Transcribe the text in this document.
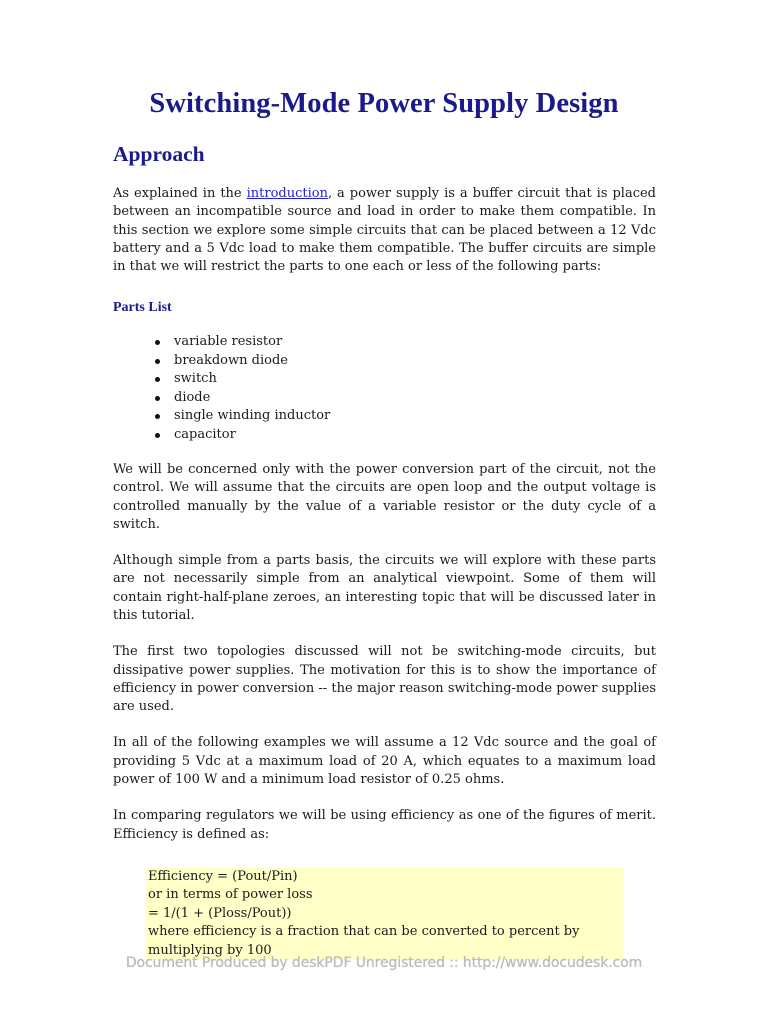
Switching-Mode Power Supply Design
Approach

As explained in the introduction, a power supply is a buffer circuit that is placed between an incompatible source and load in order to make them compatible. In this section we explore some simple circuits that can be placed between a 12 Vdc battery and a 5 Vdc load to make them compatible. The buffer circuits are simple in that we will restrict the parts to one each or less of the following parts:

Parts List
variable resistor
breakdown diode
switch
diode
single winding inductor
capacitor

We will be concerned only with the power conversion part of the circuit, not the control. We will assume that the circuits are open loop and the output voltage is controlled manually by the value of a variable resistor or the duty cycle of a switch.

Although simple from a parts basis, the circuits we will explore with these parts are not necessarily simple from an analytical viewpoint. Some of them will contain right-half-plane zeroes, an interesting topic that will be discussed later in this tutorial.

The first two topologies discussed will not be switching-mode circuits, but dissipative power supplies. The motivation for this is to show the importance of efficiency in power conversion -- the major reason switching-mode power supplies are used.

In all of the following examples we will assume a 12 Vdc source and the goal of providing 5 Vdc at a maximum load of 20 A, which equates to a maximum load power of 100 W and a minimum load resistor of 0.25 ohms.

In comparing regulators we will be using efficiency as one of the figures of merit. Efficiency is defined as:

Efficiency = (Pout/Pin)
or in terms of power loss
= 1/(1 + (Ploss/Pout))
where efficiency is a fraction that can be converted to percent by
multiplying by 100
Document Produced by deskPDF Unregistered :: http://www.docudesk.com
